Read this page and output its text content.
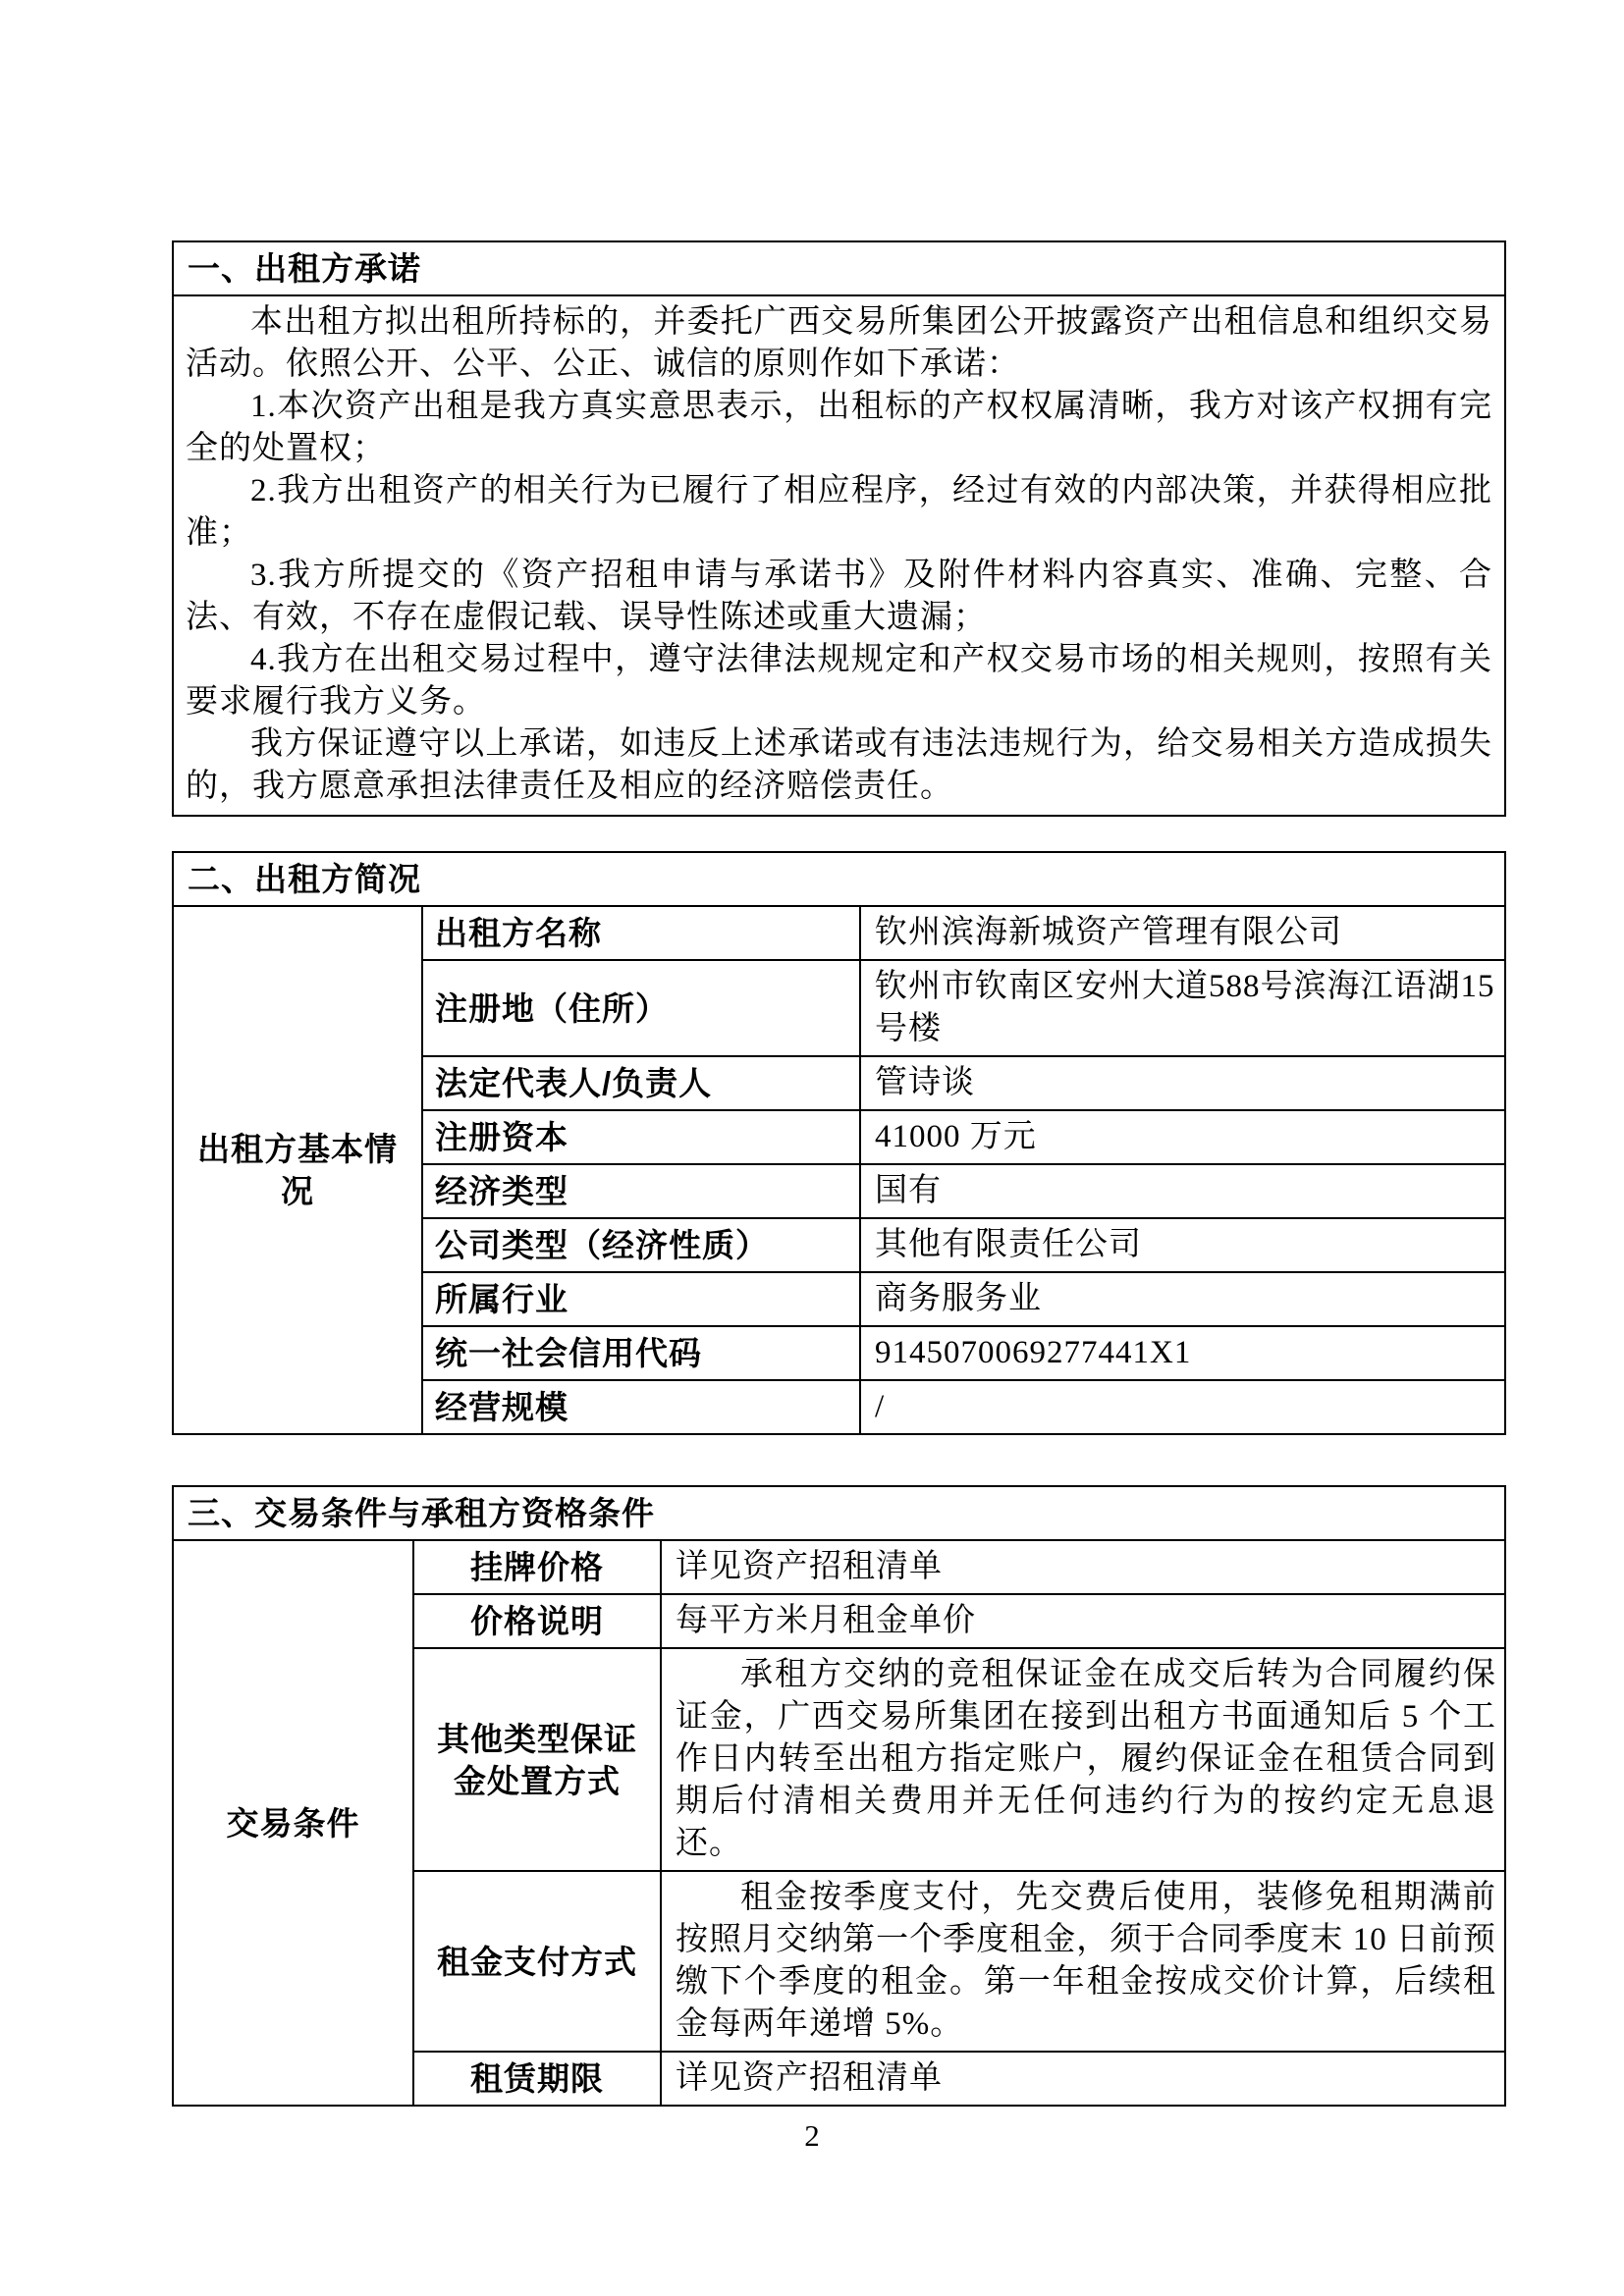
一、出租方承诺

本出租方拟出租所持标的，并委托广西交易所集团公开披露资产出租信息和组织交易活动。依照公开、公平、公正、诚信的原则作如下承诺：

1.本次资产出租是我方真实意思表示，出租标的产权权属清晰，我方对该产权拥有完全的处置权；

2.我方出租资产的相关行为已履行了相应程序，经过有效的内部决策，并获得相应批准；

3.我方所提交的《资产招租申请与承诺书》及附件材料内容真实、准确、完整、合法、有效，不存在虚假记载、误导性陈述或重大遗漏；

4.我方在出租交易过程中，遵守法律法规规定和产权交易市场的相关规则，按照有关要求履行我方义务。

我方保证遵守以上承诺，如违反上述承诺或有违法违规行为，给交易相关方造成损失的，我方愿意承担法律责任及相应的经济赔偿责任。

二、出租方简况		
出租方基本情况	出租方名称	钦州滨海新城资产管理有限公司
	注册地（住所）	钦州市钦南区安州大道588号滨海江语湖15号楼
	法定代表人/负责人	管诗谈
	注册资本	41000 万元
	经济类型	国有
	公司类型（经济性质）	其他有限责任公司
	所属行业	商务服务业
	统一社会信用代码	9145070069277441X1
	经营规模	/
三、交易条件与承租方资格条件		
交易条件	挂牌价格	详见资产招租清单
	价格说明	每平方米月租金单价
	其他类型保证金处置方式	承租方交纳的竞租保证金在成交后转为合同履约保证金，广西交易所集团在接到出租方书面通知后 5 个工作日内转至出租方指定账户，履约保证金在租赁合同到期后付清相关费用并无任何违约行为的按约定无息退还。

	租金支付方式	租金按季度支付，先交费后使用，装修免租期满前按照月交纳第一个季度租金，须于合同季度末 10 日前预缴下个季度的租金。第一年租金按成交价计算，后续租金每两年递增 5%。

	租赁期限	详见资产招租清单
2
